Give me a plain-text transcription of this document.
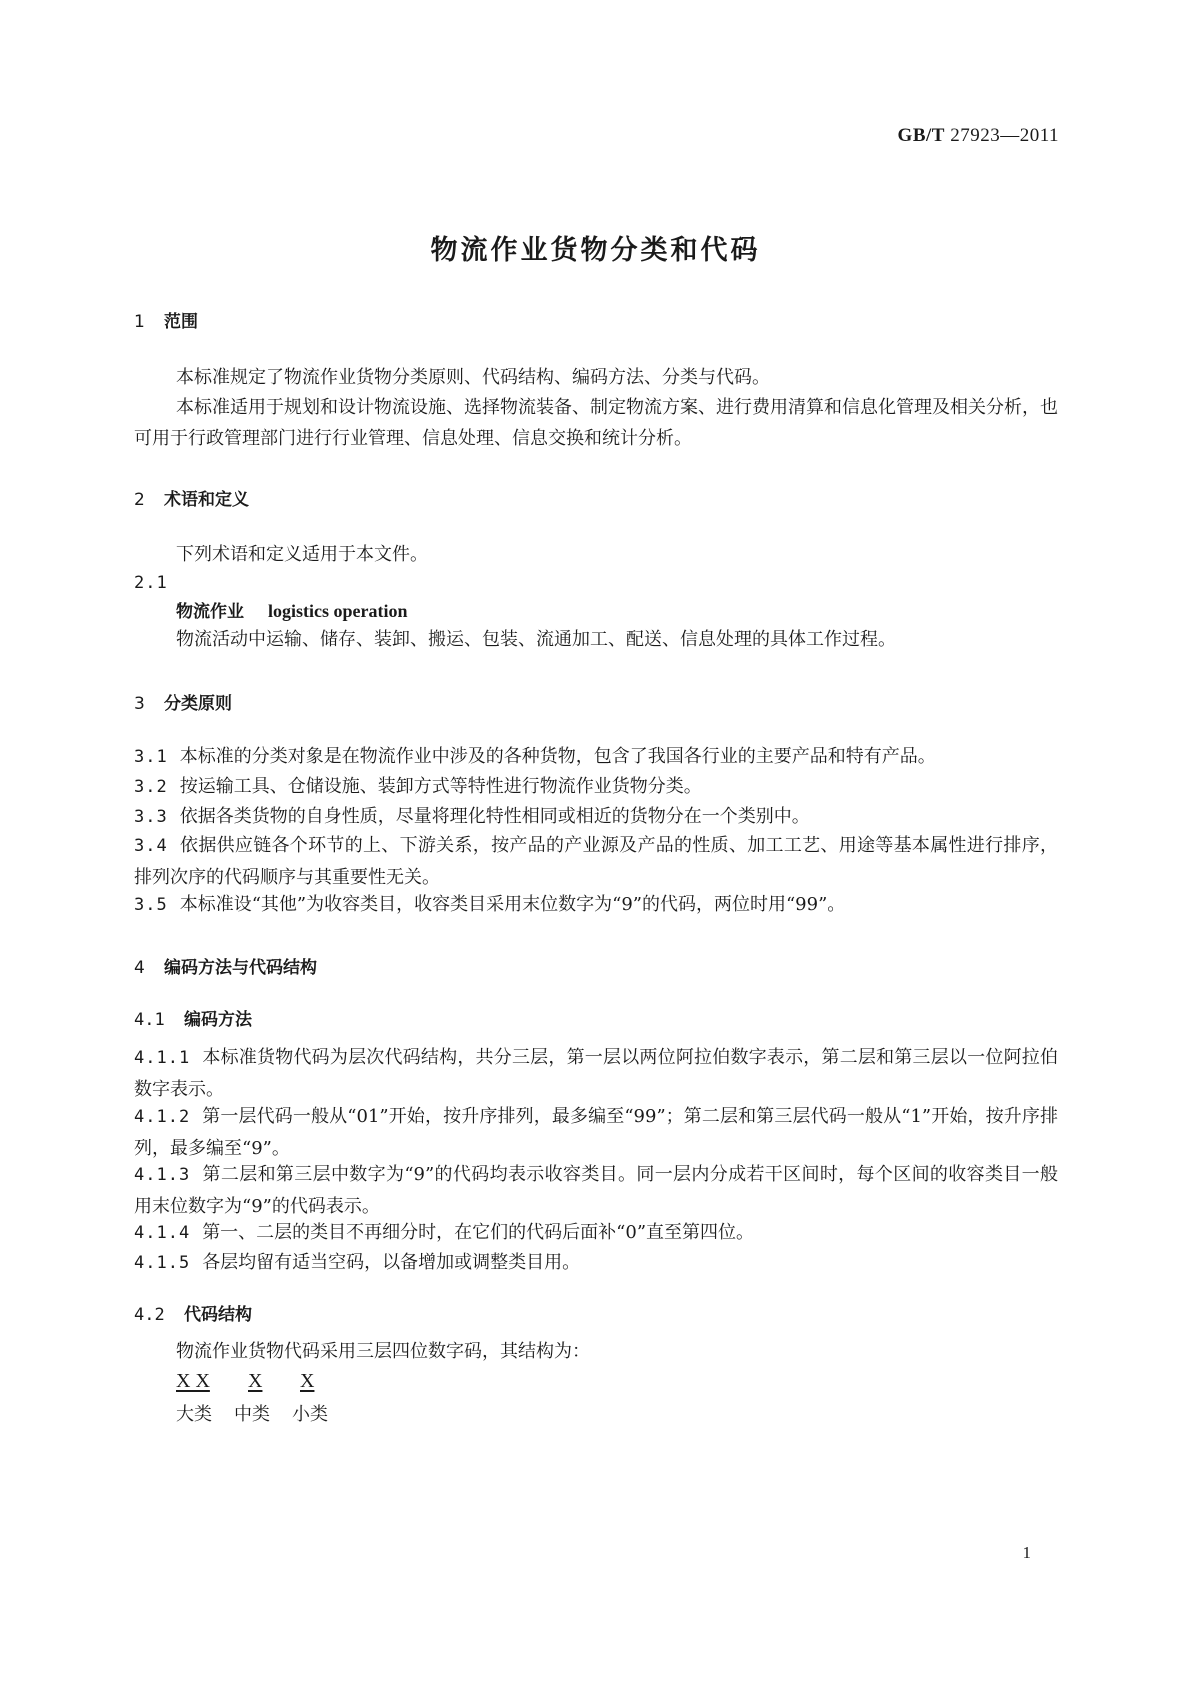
GB/T 27923—2011
物流作业货物分类和代码
1 范围
本标准规定了物流作业货物分类原则、代码结构、编码方法、分类与代码。
本标准适用于规划和设计物流设施、选择物流装备、制定物流方案、进行费用清算和信息化管理及相关分析，也可用于行政管理部门进行行业管理、信息处理、信息交换和统计分析。
2 术语和定义
下列术语和定义适用于本文件。
2.1
物流作业 logistics operation
物流活动中运输、储存、装卸、搬运、包装、流通加工、配送、信息处理的具体工作过程。
3 分类原则
3.1 本标准的分类对象是在物流作业中涉及的各种货物，包含了我国各行业的主要产品和特有产品。
3.2 按运输工具、仓储设施、装卸方式等特性进行物流作业货物分类。
3.3 依据各类货物的自身性质，尽量将理化特性相同或相近的货物分在一个类别中。
3.4 依据供应链各个环节的上、下游关系，按产品的产业源及产品的性质、加工工艺、用途等基本属性进行排序，排列次序的代码顺序与其重要性无关。
3.5 本标准设“其他”为收容类目，收容类目采用末位数字为“9”的代码，两位时用“99”。
4 编码方法与代码结构
4.1 编码方法
4.1.1 本标准货物代码为层次代码结构，共分三层，第一层以两位阿拉伯数字表示，第二层和第三层以一位阿拉伯数字表示。
4.1.2 第一层代码一般从“01”开始，按升序排列，最多编至“99”；第二层和第三层代码一般从“1”开始，按升序排列，最多编至“9”。
4.1.3 第二层和第三层中数字为“9”的代码均表示收容类目。同一层内分成若干区间时，每个区间的收容类目一般用末位数字为“9”的代码表示。
4.1.4 第一、二层的类目不再细分时，在它们的代码后面补“0”直至第四位。
4.1.5 各层均留有适当空码，以备增加或调整类目用。
4.2 代码结构
物流作业货物代码采用三层四位数字码，其结构为：
X X X X
大类 中类 小类
1
